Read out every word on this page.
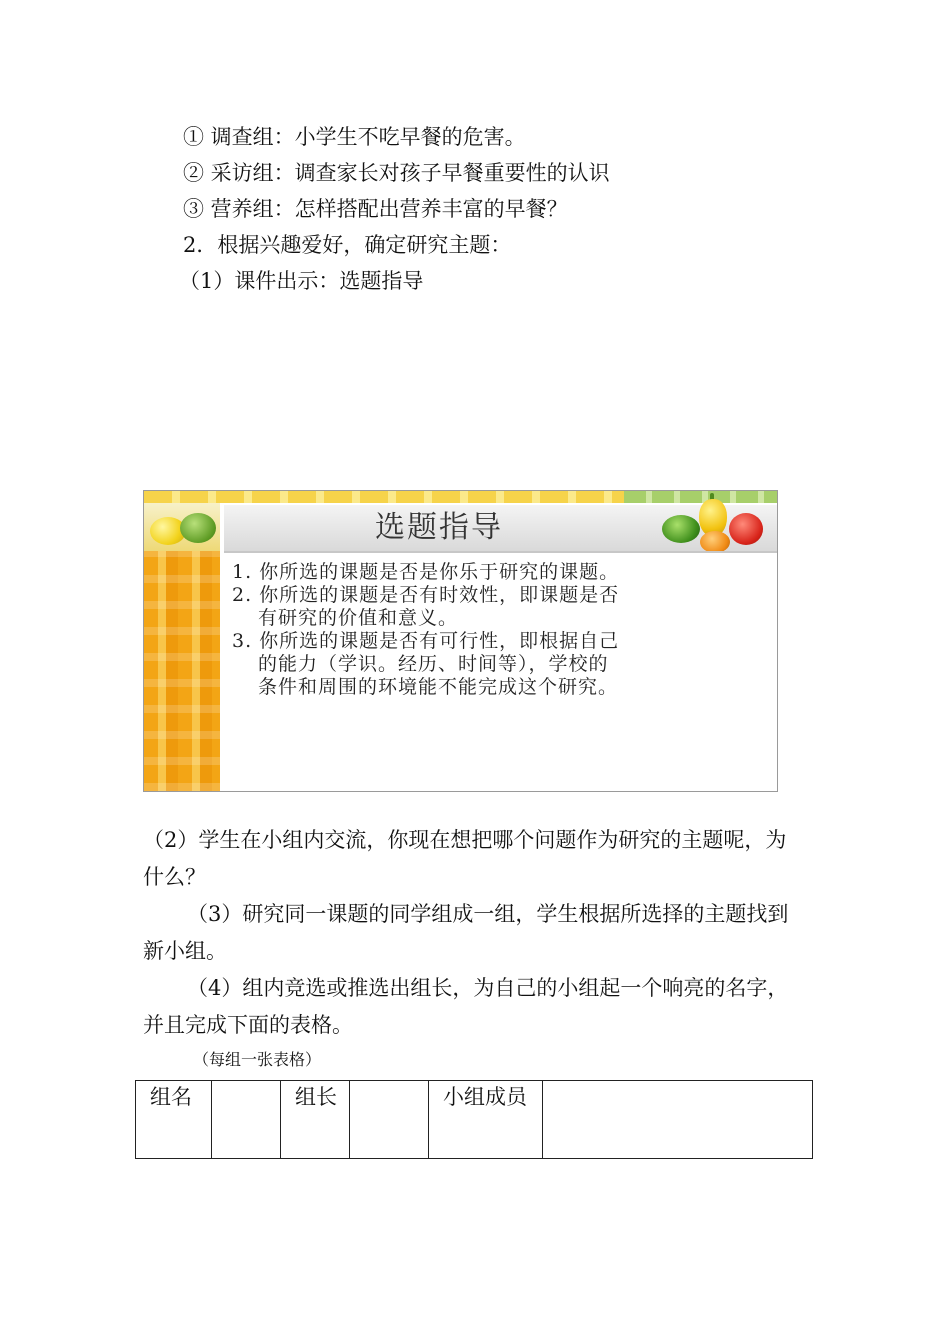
① 调查组：小学生不吃早餐的危害。
② 采访组：调查家长对孩子早餐重要性的认识
③ 营养组：怎样搭配出营养丰富的早餐？
2．根据兴趣爱好，确定研究主题：
（1）课件出示：选题指导
选题指导
1. 你所选的课题是否是你乐于研究的课题。
2. 你所选的课题是否有时效性，即课题是否
有研究的价值和意义。
3. 你所选的课题是否有可行性，即根据自己
的能力（学识。经历、时间等），学校的
条件和周围的环境能不能完成这个研究。
（2）学生在小组内交流，你现在想把哪个问题作为研究的主题呢，为
什么？
（3）研究同一课题的同学组成一组，学生根据所选择的主题找到
新小组。
（4）组内竞选或推选出组长，为自己的小组起一个响亮的名字，
并且完成下面的表格。
（每组一张表格）
组名		组长		小组成员	
